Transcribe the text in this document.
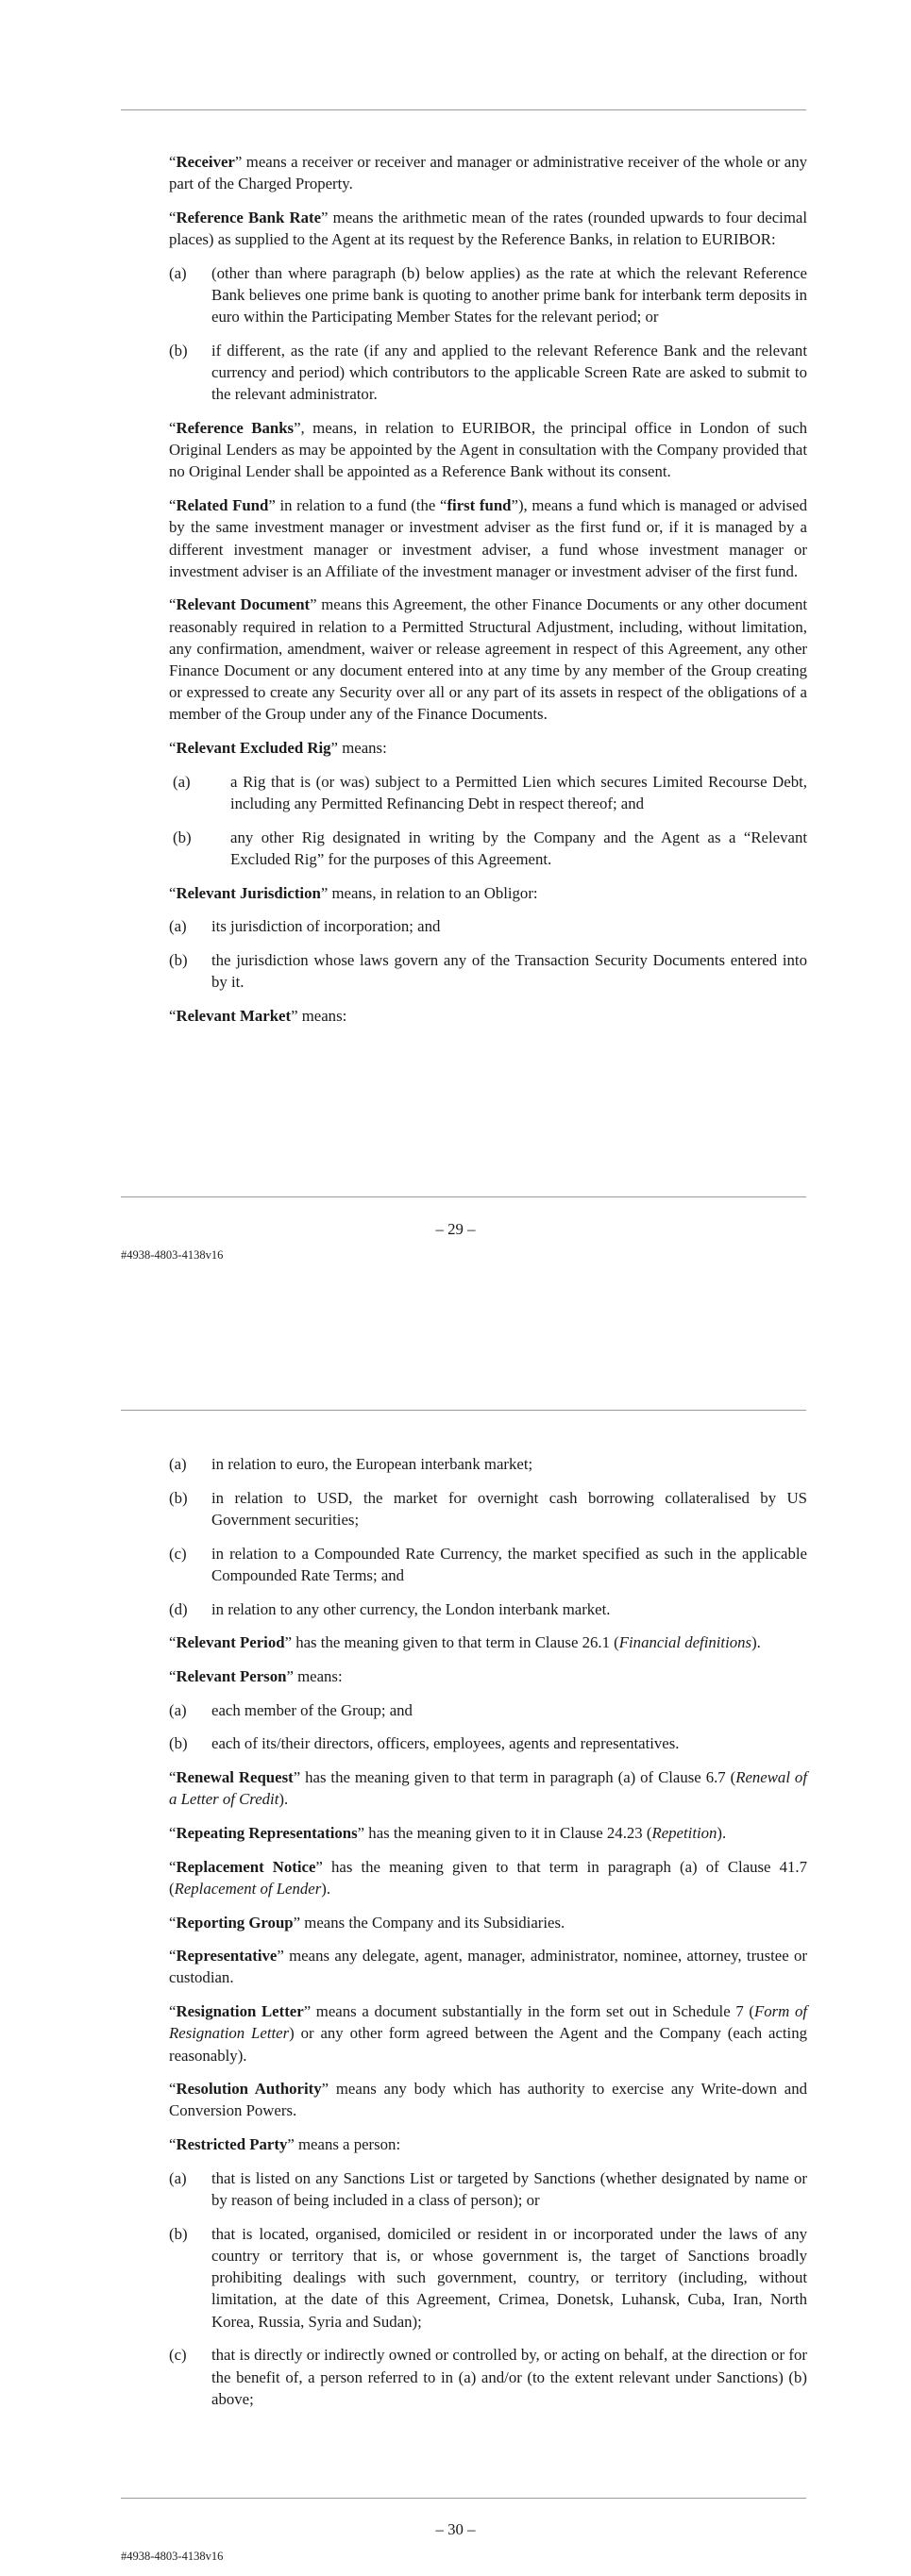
“Receiver” means a receiver or receiver and manager or administrative receiver of the whole or any part of the Charged Property.

“Reference Bank Rate” means the arithmetic mean of the rates (rounded upwards to four decimal places) as supplied to the Agent at its request by the Reference Banks, in relation to EURIBOR:

(a)	(other than where paragraph (b) below applies) as the rate at which the relevant Reference Bank believes one prime bank is quoting to another prime bank for interbank term deposits in euro within the Participating Member States for the relevant period; or
(b)	if different, as the rate (if any and applied to the relevant Reference Bank and the relevant currency and period) which contributors to the applicable Screen Rate are asked to submit to the relevant administrator.

“Reference Banks”, means, in relation to EURIBOR, the principal office in London of such Original Lenders as may be appointed by the Agent in consultation with the Company provided that no Original Lender shall be appointed as a Reference Bank without its consent.

“Related Fund” in relation to a fund (the “first fund”), means a fund which is managed or advised by the same investment manager or investment adviser as the first fund or, if it is managed by a different investment manager or investment adviser, a fund whose investment manager or investment adviser is an Affiliate of the investment manager or investment adviser of the first fund.

“Relevant Document” means this Agreement, the other Finance Documents or any other document reasonably required in relation to a Permitted Structural Adjustment, including, without limitation, any confirmation, amendment, waiver or release agreement in respect of this Agreement, any other Finance Document or any document entered into at any time by any member of the Group creating or expressed to create any Security over all or any part of its assets in respect of the obligations of a member of the Group under any of the Finance Documents.

“Relevant Excluded Rig” means:

(a)	a Rig that is (or was) subject to a Permitted Lien which secures Limited Recourse Debt, including any Permitted Refinancing Debt in respect thereof; and
(b)	any other Rig designated in writing by the Company and the Agent as a “Relevant Excluded Rig” for the purposes of this Agreement.

“Relevant Jurisdiction” means, in relation to an Obligor:

(a)	its jurisdiction of incorporation; and
(b)	the jurisdiction whose laws govern any of the Transaction Security Documents entered into by it.

“Relevant Market” means:

– 29 –
#4938-4803-4138v16
(a)	in relation to euro, the European interbank market;
(b)	in relation to USD, the market for overnight cash borrowing collateralised by US Government securities;
(c)	in relation to a Compounded Rate Currency, the market specified as such in the applicable Compounded Rate Terms; and
(d)	in relation to any other currency, the London interbank market.

“Relevant Period” has the meaning given to that term in Clause 26.1 (Financial definitions).

“Relevant Person” means:

(a)	each member of the Group; and
(b)	each of its/their directors, officers, employees, agents and representatives.

“Renewal Request” has the meaning given to that term in paragraph (a) of Clause 6.7 (Renewal of a Letter of Credit).

“Repeating Representations” has the meaning given to it in Clause 24.23 (Repetition).

“Replacement Notice” has the meaning given to that term in paragraph (a) of Clause 41.7 (Replacement of Lender).

“Reporting Group” means the Company and its Subsidiaries.

“Representative” means any delegate, agent, manager, administrator, nominee, attorney, trustee or custodian.

“Resignation Letter” means a document substantially in the form set out in Schedule 7 (Form of Resignation Letter) or any other form agreed between the Agent and the Company (each acting reasonably).

“Resolution Authority” means any body which has authority to exercise any Write-down and Conversion Powers.

“Restricted Party” means a person:

(a)	that is listed on any Sanctions List or targeted by Sanctions (whether designated by name or by reason of being included in a class of person); or
(b)	that is located, organised, domiciled or resident in or incorporated under the laws of any country or territory that is, or whose government is, the target of Sanctions broadly prohibiting dealings with such government, country, or territory (including, without limitation, at the date of this Agreement, Crimea, Donetsk, Luhansk, Cuba, Iran, North Korea, Russia, Syria and Sudan);
(c)	that is directly or indirectly owned or controlled by, or acting on behalf, at the direction or for the benefit of, a person referred to in (a) and/or (to the extent relevant under Sanctions) (b) above;
– 30 –
#4938-4803-4138v16
